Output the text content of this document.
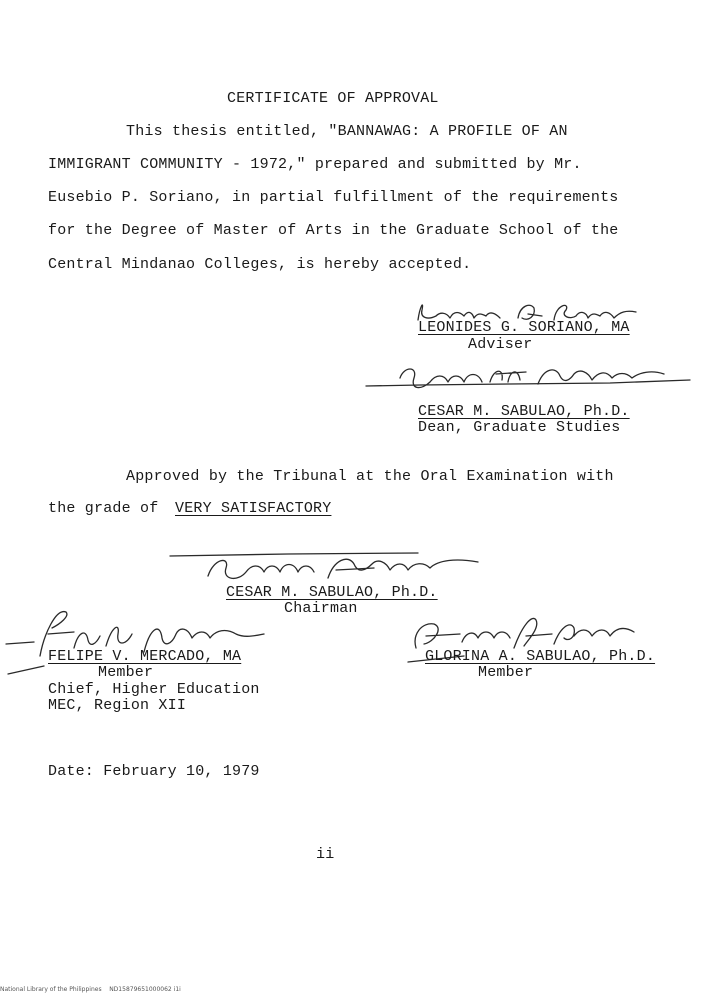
CERTIFICATE OF APPROVAL
This thesis entitled, "BANNAWAG: A PROFILE OF AN
IMMIGRANT COMMUNITY - 1972," prepared and submitted by Mr.
Eusebio P. Soriano, in partial fulfillment of the requirements
for the Degree of Master of Arts in the Graduate School of the
Central Mindanao Colleges, is hereby accepted.
LEONIDES G. SORIANO, MA
Adviser
CESAR M. SABULAO, Ph.D.
Dean, Graduate Studies
Approved by the Tribunal at the Oral Examination with
the grade of VERY SATISFACTORY
CESAR M. SABULAO, Ph.D.
Chairman
FELIPE V. MERCADO, MA
Member
Chief, Higher Education
MEC, Region XII
GLORINA A. SABULAO, Ph.D.
Member
Date: February 10, 1979
ii
National Library of the Philippines    ND15879651000062 i1i
